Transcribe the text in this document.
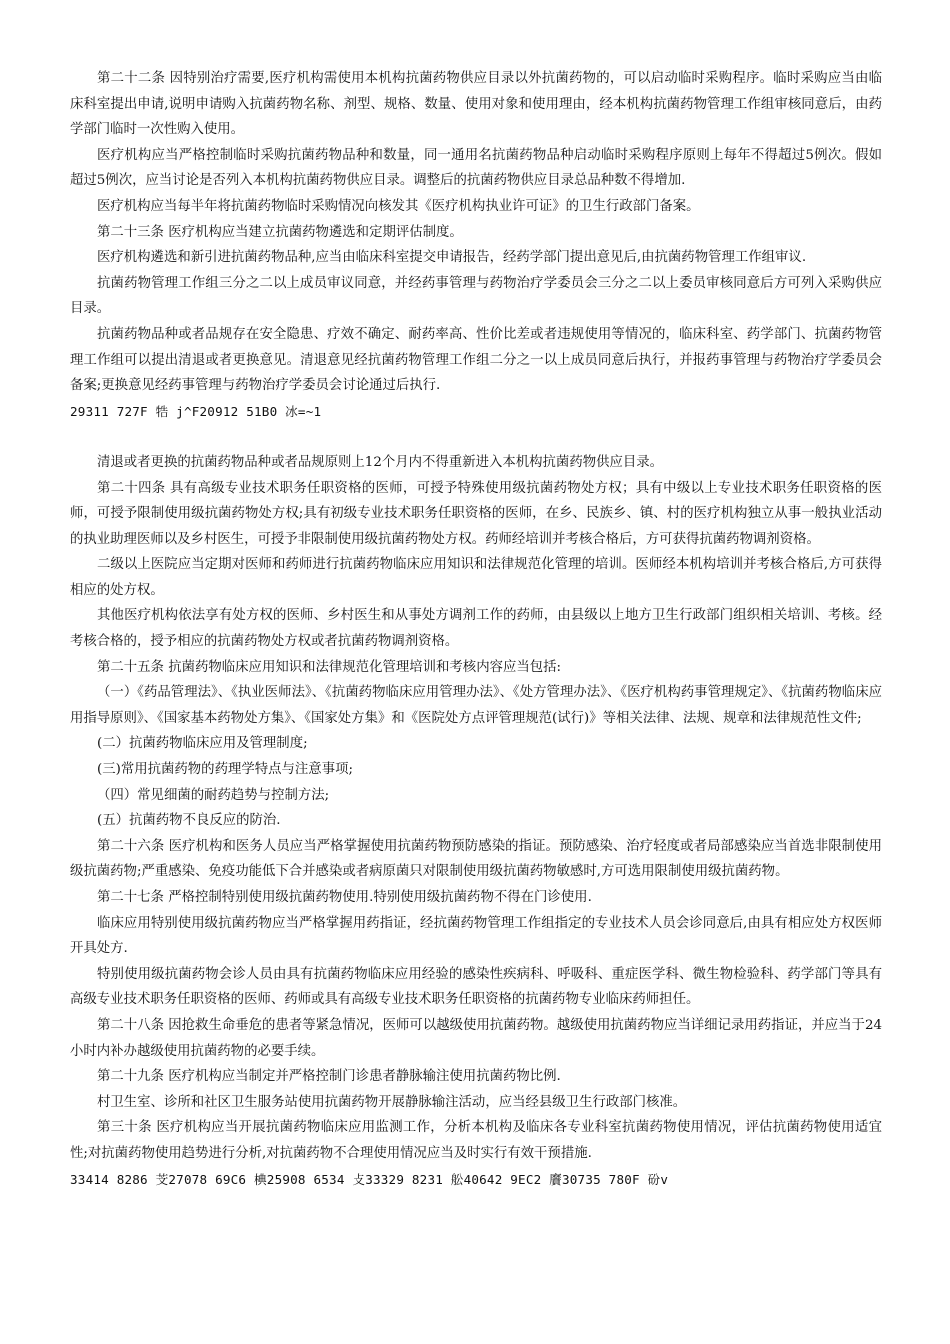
第二十二条 因特别治疗需要,医疗机构需使用本机构抗菌药物供应目录以外抗菌药物的，可以启动临时采购程序。临时采购应当由临床科室提出申请,说明申请购入抗菌药物名称、剂型、规格、数量、使用对象和使用理由，经本机构抗菌药物管理工作组审核同意后，由药学部门临时一次性购入使用。

医疗机构应当严格控制临时采购抗菌药物品种和数量，同一通用名抗菌药物品种启动临时采购程序原则上每年不得超过5例次。假如超过5例次，应当讨论是否列入本机构抗菌药物供应目录。调整后的抗菌药物供应目录总品种数不得增加.

医疗机构应当每半年将抗菌药物临时采购情况向核发其《医疗机构执业许可证》的卫生行政部门备案。

第二十三条 医疗机构应当建立抗菌药物遴选和定期评估制度。

医疗机构遴选和新引进抗菌药物品种,应当由临床科室提交申请报告，经药学部门提出意见后,由抗菌药物管理工作组审议.

抗菌药物管理工作组三分之二以上成员审议同意，并经药事管理与药物治疗学委员会三分之二以上委员审核同意后方可列入采购供应目录。

抗菌药物品种或者品规存在安全隐患、疗效不确定、耐药率高、性价比差或者违规使用等情况的，临床科室、药学部门、抗菌药物管理工作组可以提出清退或者更换意见。清退意见经抗菌药物管理工作组二分之一以上成员同意后执行，并报药事管理与药物治疗学委员会备案;更换意见经药事管理与药物治疗学委员会讨论通过后执行.

29311 727F 牿 j^F20912 51B0 冰=~1

清退或者更换的抗菌药物品种或者品规原则上12个月内不得重新进入本机构抗菌药物供应目录。

第二十四条 具有高级专业技术职务任职资格的医师，可授予特殊使用级抗菌药物处方权；具有中级以上专业技术职务任职资格的医师，可授予限制使用级抗菌药物处方权;具有初级专业技术职务任职资格的医师，在乡、民族乡、镇、村的医疗机构独立从事一般执业活动的执业助理医师以及乡村医生，可授予非限制使用级抗菌药物处方权。药师经培训并考核合格后，方可获得抗菌药物调剂资格。

二级以上医院应当定期对医师和药师进行抗菌药物临床应用知识和法律规范化管理的培训。医师经本机构培训并考核合格后,方可获得相应的处方权。

其他医疗机构依法享有处方权的医师、乡村医生和从事处方调剂工作的药师，由县级以上地方卫生行政部门组织相关培训、考核。经考核合格的，授予相应的抗菌药物处方权或者抗菌药物调剂资格。

第二十五条 抗菌药物临床应用知识和法律规范化管理培训和考核内容应当包括:

（一）《药品管理法》、《执业医师法》、《抗菌药物临床应用管理办法》、《处方管理办法》、《医疗机构药事管理规定》、《抗菌药物临床应用指导原则》、《国家基本药物处方集》、《国家处方集》和《医院处方点评管理规范(试行)》等相关法律、法规、规章和法律规范性文件;

(二）抗菌药物临床应用及管理制度;

(三)常用抗菌药物的药理学特点与注意事项;

（四）常见细菌的耐药趋势与控制方法;

(五）抗菌药物不良反应的防治.

第二十六条 医疗机构和医务人员应当严格掌握使用抗菌药物预防感染的指证。预防感染、治疗轻度或者局部感染应当首选非限制使用级抗菌药物;严重感染、免疫功能低下合并感染或者病原菌只对限制使用级抗菌药物敏感时,方可选用限制使用级抗菌药物。

第二十七条 严格控制特别使用级抗菌药物使用.特别使用级抗菌药物不得在门诊使用.

临床应用特别使用级抗菌药物应当严格掌握用药指证，经抗菌药物管理工作组指定的专业技术人员会诊同意后,由具有相应处方权医师开具处方.

特别使用级抗菌药物会诊人员由具有抗菌药物临床应用经验的感染性疾病科、呼吸科、重症医学科、微生物检验科、药学部门等具有高级专业技术职务任职资格的医师、药师或具有高级专业技术职务任职资格的抗菌药物专业临床药师担任。

第二十八条 因抢救生命垂危的患者等紧急情况，医师可以越级使用抗菌药物。越级使用抗菌药物应当详细记录用药指证，并应当于24小时内补办越级使用抗菌药物的必要手续。

第二十九条 医疗机构应当制定并严格控制门诊患者静脉输注使用抗菌药物比例.

村卫生室、诊所和社区卫生服务站使用抗菌药物开展静脉输注活动，应当经县级卫生行政部门核准。

第三十条 医疗机构应当开展抗菌药物临床应用监测工作，分析本机构及临床各专业科室抗菌药物使用情况，评估抗菌药物使用适宜性;对抗菌药物使用趋势进行分析,对抗菌药物不合理使用情况应当及时实行有效干预措施.

33414 8286 芠27078 69C6 椣25908 6534 攴33329 8231 舩40642 9EC2 黂30735 780F 砏v
